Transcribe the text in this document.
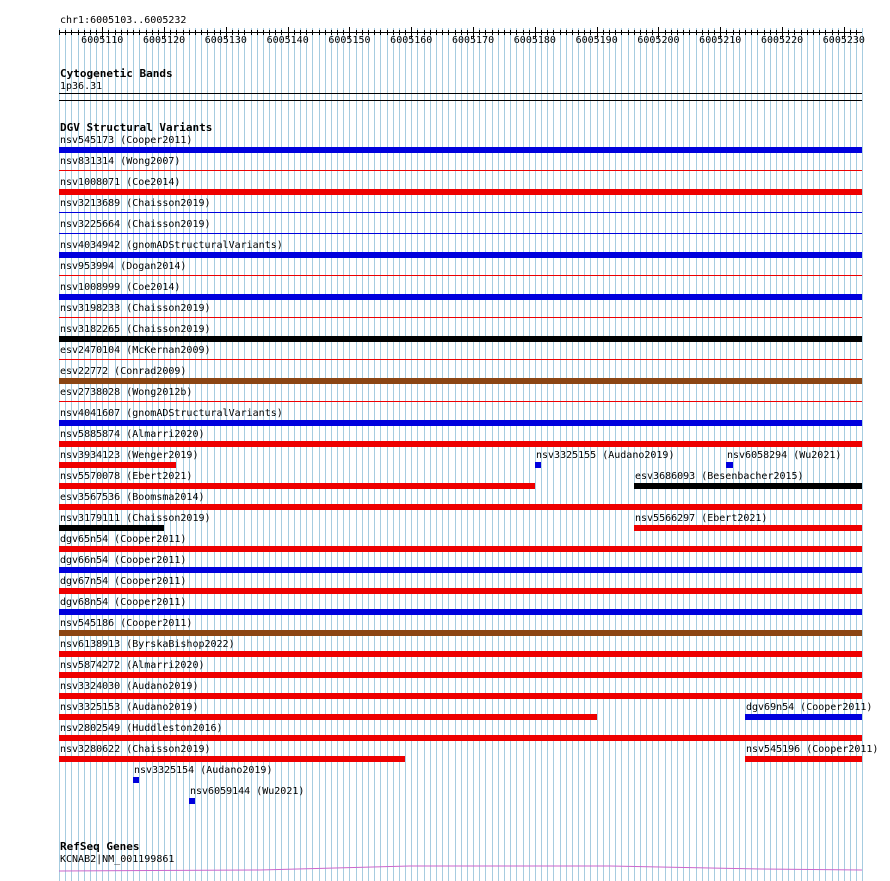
chr1:6005103..6005232
6005110 6005120 6005130 6005140 6005150 6005160 6005170 6005180 6005190 6005200 6005210 6005220 6005230
Cytogenetic Bands
1p36.31
DGV Structural Variants
nsv545173 (Cooper2011)
nsv831314 (Wong2007)
nsv1008071 (Coe2014)
nsv3213689 (Chaisson2019)
nsv3225664 (Chaisson2019)
nsv4034942 (gnomADStructuralVariants)
nsv953994 (Dogan2014)
nsv1008999 (Coe2014)
nsv3198233 (Chaisson2019)
nsv3182265 (Chaisson2019)
esv2470104 (McKernan2009)
esv22772 (Conrad2009)
esv2738028 (Wong2012b)
nsv4041607 (gnomADStructuralVariants)
nsv5885874 (Almarri2020)
nsv3934123 (Wenger2019)	nsv3325155 (Audano2019)	nsv6058294 (Wu2021)
nsv5570078 (Ebert2021)	esv3686093 (Besenbacher2015)
esv3567536 (Boomsma2014)
nsv3179111 (Chaisson2019)	nsv5566297 (Ebert2021)
dgv65n54 (Cooper2011)
dgv66n54 (Cooper2011)
dgv67n54 (Cooper2011)
dgv68n54 (Cooper2011)
nsv545186 (Cooper2011)
nsv6138913 (ByrskaBishop2022)
nsv5874272 (Almarri2020)
nsv3324030 (Audano2019)
nsv3325153 (Audano2019)	dgv69n54 (Cooper2011)
nsv2802549 (Huddleston2016)
nsv3280622 (Chaisson2019)	nsv545196 (Cooper2011)
nsv3325154 (Audano2019)
nsv6059144 (Wu2021)
RefSeq Genes
KCNAB2|NM_001199861
